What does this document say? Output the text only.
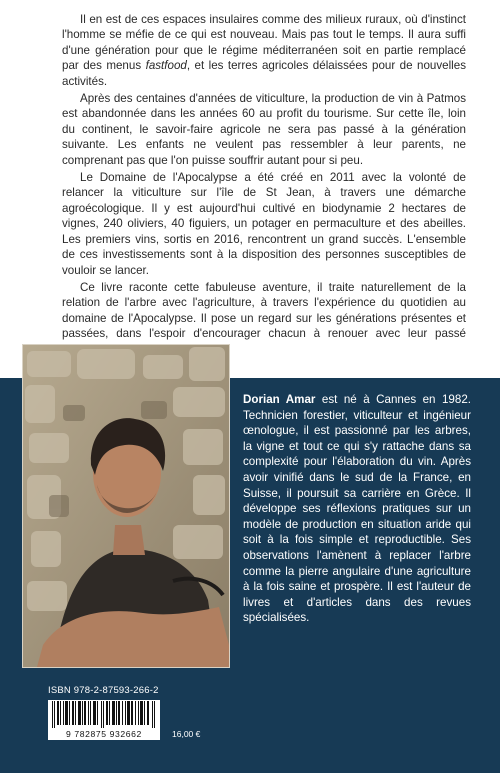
Il en est de ces espaces insulaires comme des milieux ruraux, où d'instinct l'homme se méfie de ce qui est nouveau. Mais pas tout le temps. Il aura suffi d'une génération pour que le régime méditerranéen soit en partie remplacé par des menus fastfood, et les terres agricoles délaissées pour de nouvelles activités.

Après des centaines d'années de viticulture, la production de vin à Patmos est abandonnée dans les années 60 au profit du tourisme. Sur cette île, loin du continent, le savoir-faire agricole ne sera pas passé à la génération suivante. Les enfants ne veulent pas ressembler à leur parents, ne comprenant pas que l'on puisse souffrir autant pour si peu.

Le Domaine de l'Apocalypse a été créé en 2011 avec la volonté de relancer la viticulture sur l'île de St Jean, à travers une démarche agroécologique. Il y est aujourd'hui cultivé en biodynamie 2 hectares de vignes, 240 oliviers, 40 figuiers, un potager en permaculture et des abeilles. Les premiers vins, sortis en 2016, rencontrent un grand succès. L'ensemble de ces investissements sont à la disposition des personnes susceptibles de vouloir se lancer.

Ce livre raconte cette fabuleuse aventure, il traite naturellement de la relation de l'arbre avec l'agriculture, à travers l'expérience du quotidien au domaine de l'Apocalypse. Il pose un regard sur les générations présentes et passées, dans l'espoir d'encourager chacun à renouer avec leur passé

Dorian Amar est né à Cannes en 1982. Technicien forestier, viticulteur et ingénieur œnologue, il est passionné par les arbres, la vigne et tout ce qui s'y rattache dans sa complexité pour l'élaboration du vin. Après avoir vinifié dans le sud de la France, en Suisse, il poursuit sa carrière en Grèce. Il développe ses réflexions pratiques sur un modèle de production en situation aride qui soit à la fois simple et reproductible. Ses observations l'amènent à replacer l'arbre comme la pierre angulaire d'une agriculture à la fois saine et prospère. Il est l'auteur de livres et d'articles dans des revues spécialisées.
ISBN 978-2-87593-266-2
9 782875 932662	16,00 €
